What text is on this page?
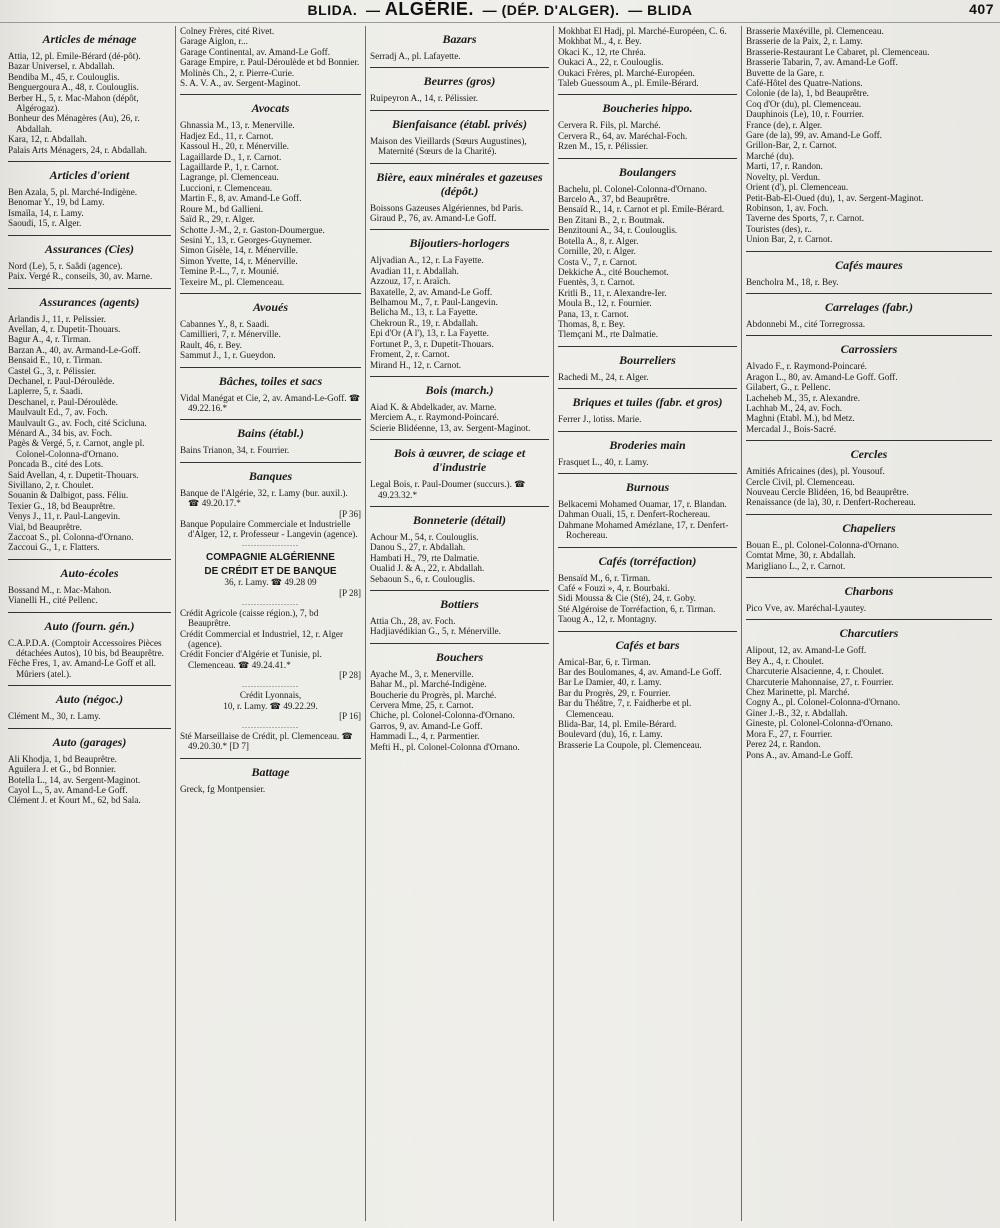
BLIDA.  — ALGÉRIE.  — (DÉP. D'ALGER).  — BLIDA	407
Articles de ménage
Attia, 12, pl. Emile-Bérard (dé-pôt).
Bazar Universel, r. Abdallah.
Bendiba M., 45, r. Coulouglis.
Benguergoura A., 48, r. Coulouglis.
Berber H., 5, r. Mac-Mahon (dépôt, Algérogaz).
Bonheur des Ménagères (Au), 26, r. Abdallah.
Kara, 12, r. Abdallah.
Palais Arts Ménagers, 24, r. Abdallah.
Articles d'orient
Ben Azala, 5, pl. Marché-Indigène.
Benomar Y., 19, bd Lamy.
Ismaïla, 14, r. Lamy.
Saoudi, 15, r. Alger.
Assurances (Cies)
Nord (Le), 5, r. Saâdi (agence).
Paix. Vergé R., conseils, 30, av. Marne.
Assurances (agents)
Arlandis J., 11, r. Pelissier.
Avellan, 4, r. Dupetit-Thouars.
Bagur A., 4, r. Tirman.
Barzan A., 40, av. Armand-Le-Goff.
Bensaid E., 10, r. Tirman.
Castel G., 3, r. Pélissier.
Dechanel, r. Paul-Déroulède.
Laplerre, 5, r. Saadi.
Deschanel, r. Paul-Déroulède.
Maulvault Ed., 7, av. Foch.
Maulvault G., av. Foch, cité Scicluna.
Ménard A., 34 bis, av. Foch.
Pagès & Vergé, 5, r. Carnot, angle pl. Colonel-Colonna-d'Ornano.
Poncada B., cité des Lots.
Said Avellan, 4, r. Dupetit-Thouars.
Sivillano, 2, r. Choulet.
Souanin & Dalbigot, pass. Féliu.
Texier G., 18, bd Beauprêtre.
Venys J., 11, r. Paul-Langevin.
Vial, bd Beauprêtre.
Zaccoat S., pl. Colonna-d'Ornano.
Zaccoui G., 1, r. Flatters.
Auto-écoles
Bossand M., r. Mac-Mahon.
Vianelli H., cité Pellenc.
Auto (fourn. gén.)
C.A.P.D.A. (Comptoir Accessoires Pièces détachées Autos), 10 bis, bd Beauprêtre.
Fèche Fres, 1, av. Amand-Le Goff et all. Mûriers (atel.).
Auto (négoc.)
Clément M., 30, r. Lamy.
Auto (garages)
Ali Khodja, 1, bd Beauprêtre.
Aguilera J. et G., bd Bonnier.
Botella L., 14, av. Sergent-Maginot.
Cayol L., 5, av. Amand-Le Goff.
Clément J. et Kourt M., 62, bd Sala.
Colney Frères, cité Rivet.
Garage Aiglon, r...
Garage Continental, av. Amand-Le Goff.
Garage Empire, r. Paul-Déroulède et bd Bonnier.
Molinès Ch., 2, r. Pierre-Curie.
S. A. V. A., av. Sergent-Maginot.
Avocats
Ghnassia M., 13, r. Menerville.
Hadjez Ed., 11, r. Carnot.
Kassoul H., 20, r. Ménerville.
Lagaillarde D., 1, r. Carnot.
Lagaillarde P., 1, r. Carnot.
Lagrange, pl. Clemenceau.
Luccioni, r. Clemenceau.
Martin F., 8, av. Amand-Le Goff.
Roure M., bd Gallieni.
Saïd R., 29, r. Alger.
Schotte J.-M., 2, r. Gaston-Doumergue.
Sesini Y., 13, r. Georges-Guynemer.
Simon Gisèle, 14, r. Ménerville.
Simon Yvette, 14, r. Ménerville.
Temine P.-L., 7, r. Mounié.
Texeire M., pl. Clemenceau.
Avoués
Cabannes Y., 8, r. Saadi.
Camillieri, 7, r. Ménerville.
Rault, 46, r. Bey.
Sammut J., 1, r. Gueydon.
Bâches, toiles et sacs
Vidal Manégat et Cie, 2, av. Amand-Le-Goff. ☎ 49.22.16.*
Bains (établ.)
Bains Trianon, 34, r. Fourrier.
Banques
Banque de l'Algérie, 32, r. Lamy (bur. auxil.). ☎ 49.20.17.*
[P 36]
Banque Populaire Commerciale et Industrielle d'Alger, 12, r. Professeur - Langevin (agence).
...................
COMPAGNIE ALGÉRIENNE
DE CRÉDIT ET DE BANQUE
36, r. Lamy. ☎ 49.28 09
[P 28]
...................
Crédit Agricole (caisse région.), 7, bd Beauprêtre.
Crédit Commercial et Industriel, 12, r. Alger (agence).
Crédit Foncier d'Algérie et Tunisie, pl. Clemenceau. ☎ 49.24.41.*
[P 28]
...................
Crédit Lyonnais,
10, r. Lamy. ☎ 49.22.29.
[P 16]
...................
Sté Marseillaise de Crédit, pl. Clemenceau. ☎ 49.20.30.* [D 7]
Battage
Greck, fg Montpensier.
Bazars
Serradj A., pl. Lafayette.
Beurres (gros)
Ruipeyron A., 14, r. Pélissier.
Bienfaisance (établ. privés)
Maison des Vieillards (Sœurs Augustines), Maternité (Sœurs de la Charité).
Bière, eaux minérales et gazeuses (dépôt.)
Boissons Gazeuses Algériennes, bd Paris.
Giraud P., 76, av. Amand-Le Goff.
Bijoutiers-horlogers
Aljvadian A., 12, r. La Fayette.
Avadian 11, r. Abdallah.
Azzouz, 17, r. Araïch.
Baxatelle, 2, av. Amand-Le Goff.
Belhamou M., 7, r. Paul-Langevin.
Belicha M., 13, r. La Fayette.
Chekroun R., 19, r. Abdallah.
Epi d'Or (A l'), 13, r. La Fayette.
Fortunet P., 3, r. Dupetit-Thouars.
Froment, 2, r. Carnot.
Mirand H., 12, r. Carnot.
Bois (march.)
Aiad K. & Abdelkader, av. Marne.
Merciem A., r. Raymond-Poincaré.
Scierie Blidéenne, 13, av. Sergent-Maginot.
Bois à œuvrer, de sciage et d'industrie
Legal Bois, r. Paul-Doumer (succurs.). ☎ 49.23.32.*
Bonneterie (détail)
Achour M., 54, r. Coulouglis.
Danou S., 27, r. Abdallah.
Hambati H., 79, rte Dalmatie.
Oualid J. & A., 22, r. Abdallah.
Sebaoun S., 6, r. Coulouglis.
Bottiers
Attia Ch., 28, av. Foch.
Hadjiavédikian G., 5, r. Ménerville.
Bouchers
Ayache M., 3, r. Menerville.
Bahar M., pl. Marché-Indigène.
Boucherie du Progrès, pl. Marché.
Cervera Mme, 25, r. Carnot.
Chiche, pl. Colonel-Colonna-d'Ornano.
Garros, 9, av. Amand-Le Goff.
Hammadi L., 4, r. Parmentier.
Mefti H., pl. Colonel-Colonna d'Ornano.
Mokhbat El Hadj, pl. Marché-Européen, C. 6.
Mokhbat M., 4, r. Bey.
Okaci K., 12, rte Chréa.
Oukaci A., 22, r. Coulouglis.
Oukaci Frères, pl. Marché-Européen.
Taleb Guessoum A., pl. Emile-Bérard.
Boucheries hippo.
Cervera R. Fils, pl. Marché.
Cervera R., 64, av. Maréchal-Foch.
Rzen M., 15, r. Pélissier.
Boulangers
Bachelu, pl. Colonel-Colonna-d'Ornano.
Barcelo A., 37, bd Beauprêtre.
Bensaïd R., 14, r. Carnot et pl. Emile-Bérard.
Ben Zitani B., 2, r. Boutmak.
Benzitouni A., 34, r. Coulouglis.
Botella A., 8, r. Alger.
Cornille, 20, r. Alger.
Costa V., 7, r. Carnot.
Dekkiche A., cité Bouchemot.
Fuentès, 3, r. Carnot.
Kritli B., 11, r. Alexandre-Ier.
Moula B., 12, r. Fournier.
Pana, 13, r. Carnot.
Thomas, 8, r. Bey.
Tlemçani M., rte Dalmatie.
Bourreliers
Rachedi M., 24, r. Alger.
Briques et tuiles (fabr. et gros)
Ferrer J., lotiss. Marie.
Broderies main
Frasquet L., 40, r. Lamy.
Burnous
Belkacemi Mohamed Ouamar, 17, r. Blandan.
Dahman Ouali, 15, r. Denfert-Rochereau.
Dahmane Mohamed Amézlane, 17, r. Denfert-Rochereau.
Cafés (torréfaction)
Bensaïd M., 6, r. Tirman.
Café « Fouzi », 4, r. Bourbaki.
Sidi Moussa & Cie (Sté), 24, r. Goby.
Sté Algéroise de Torréfaction, 6, r. Tirman.
Taoug A., 12, r. Montagny.
Cafés et bars
Amical-Bar, 6, r. Tirman.
Bar des Boulomanes, 4, av. Amand-Le Goff.
Bar Le Damier, 40, r. Lamy.
Bar du Progrès, 29, r. Fourrier.
Bar du Théâtre, 7, r. Faidherbe et pl. Clemenceau.
Blida-Bar, 14, pl. Emile-Bérard.
Boulevard (du), 16, r. Lamy.
Brasserie La Coupole, pl. Clemenceau.
Brasserie Maxéville, pl. Clemenceau.
Brasserie de la Paix, 2, r. Lamy.
Brasserie-Restaurant Le Cabaret, pl. Clemenceau.
Brasserie Tabarin, 7, av. Amand-Le Goff.
Buvette de la Gare, r.
Café-Hôtel des Quatre-Nations.
Colonie (de la), 1, bd Beauprêtre.
Coq d'Or (du), pl. Clemenceau.
Dauphinois (Le), 10, r. Fourrier.
France (de), r. Alger.
Gare (de la), 99, av. Amand-Le Goff.
Grillon-Bar, 2, r. Carnot.
Marché (du).
Marti, 17, r. Randon.
Novelty, pl. Verdun.
Orient (d'), pl. Clemenceau.
Petit-Bab-El-Oued (du), 1, av. Sergent-Maginot.
Robinson, 1, av. Foch.
Taverne des Sports, 7, r. Carnot.
Touristes (des), r..
Union Bar, 2, r. Carnot.
Cafés maures
Bencholra M., 18, r. Bey.
Carrelages (fabr.)
Abdonnebi M., cité Torregrossa.
Carrossiers
Alvado F., r. Raymond-Poincaré.
Aragon L., 80, av. Amand-Le Goff. Goff.
Gilabert, G., r. Pellenc.
Lacheheb M., 35, r. Alexandre.
Lachhab M., 24, av. Foch.
Maghni (Etabl. M.), bd Metz.
Mercadal J., Bois-Sacré.
Cercles
Amitiés Africaines (des), pl. Yousouf.
Cercle Civil, pl. Clemenceau.
Nouveau Cercle Blidéen, 16, bd Beauprêtre.
Renaissance (de la), 30, r. Denfert-Rochereau.
Chapeliers
Bouan E., pl. Colonel-Colonna-d'Ornano.
Comtat Mme, 30, r. Abdallah.
Marigliano L., 2, r. Carnot.
Charbons
Pico Vve, av. Maréchal-Lyautey.
Charcutiers
Alipout, 12, av. Amand-Le Goff.
Bey A., 4, r. Choulet.
Charcuterie Alsacienne, 4, r. Choulet.
Charcuterie Mahonnaise, 27, r. Fourrier.
Chez Marinette, pl. Marché.
Cogny A., pl. Colonel-Colonna-d'Ornano.
Giner J.-B., 32, r. Abdallah.
Gineste, pl. Colonel-Colonna-d'Ornano.
Mora F., 27, r. Fourrier.
Perez 24, r. Randon.
Pons A., av. Amand-Le Goff.
